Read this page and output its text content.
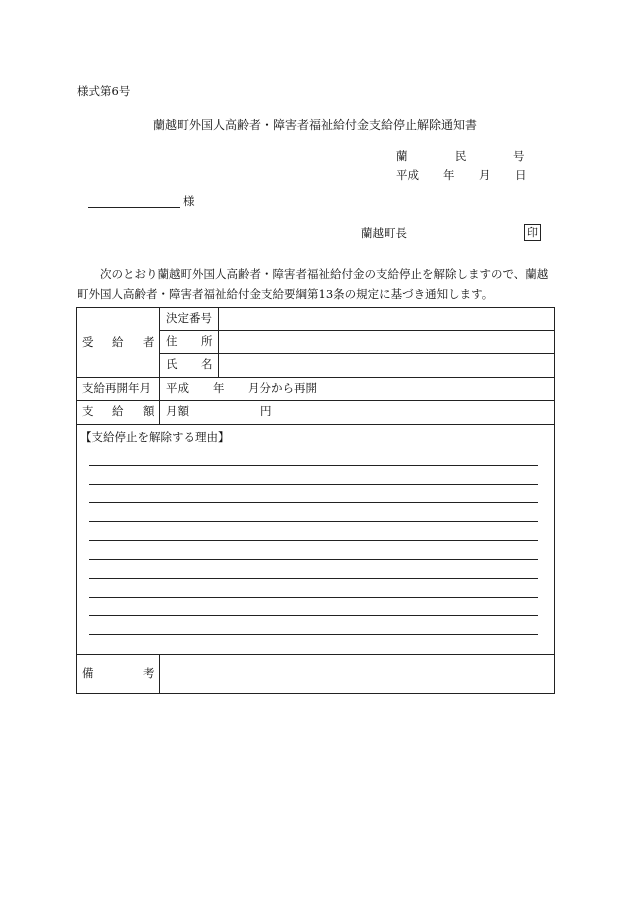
様式第6号
蘭越町外国人高齢者・障害者福祉給付金支給停止解除通知書
蘭	民	号
平成 年 月 日
様
蘭越町長	印
次のとおり蘭越町外国人高齢者・障害者福祉給付金の支給停止を解除しますので、蘭越町外国人高齢者・障害者福祉給付金支給要綱第13条の規定に基づき通知します。
受 給 者
決定番号
住 所
氏 名
支給再開年月 平成 年 月分から再開
支 給 額 月額	円
【支給停止を解除する理由】
備	考
